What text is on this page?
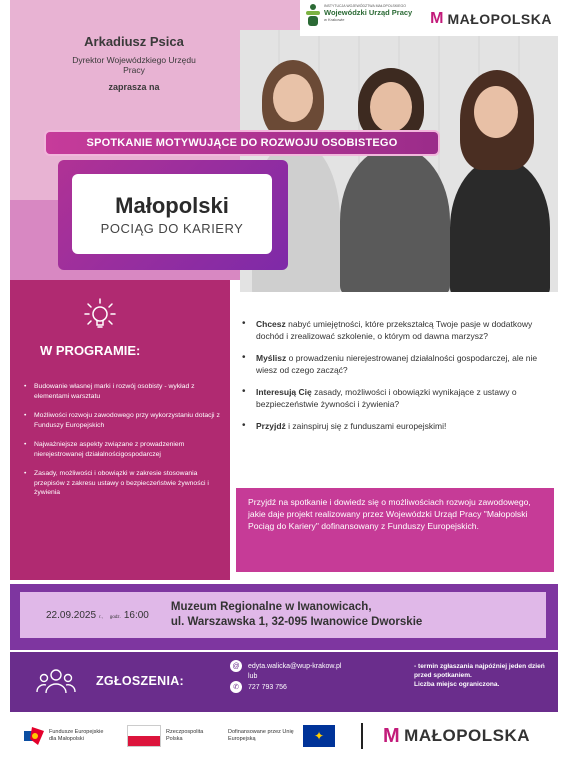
INSTYTUCJA WOJEWÓDZTWA MAŁOPOLSKIEGO
Wojewódzki Urząd Pracy
w Krakowie	M MAŁOPOLSKA
Arkadiusz Psica
Dyrektor Wojewódzkiego Urzędu Pracy
zaprasza na
SPOTKANIE MOTYWUJĄCE DO ROZWOJU OSOBISTEGO
Małopolski
POCIĄG DO KARIERY
W PROGRAMIE:
• Budowanie własnej marki i rozwój osobisty - wykład z elementami warsztatu
• Możliwości rozwoju zawodowego przy wykorzystaniu dotacji z Funduszy Europejskich
• Najważniejsze aspekty związane z prowadzeniem nierejestrowanej działalnościgospodarczej
• Zasady, możliwości i obowiązki w zakresie stosowania przepisów z zakresu ustawy o bezpieczeństwie żywności i żywienia
• Chcesz nabyć umiejętności, które przekształcą Twoje pasje w dodatkowy dochód i zrealizować szkolenie, o którym od dawna marzysz?
• Myślisz o prowadzeniu nierejestrowanej działalności gospodarczej, ale nie wiesz od czego zacząć?
• Interesują Cię zasady, możliwości i obowiązki wynikające z ustawy o bezpieczeństwie żywności i żywienia?
• Przyjdź i zainspiruj się z funduszami europejskimi!
Przyjdź na spotkanie i dowiedz się o możliwościach rozwoju zawodowego, jakie daje projekt realizowany przez Wojewódzki Urząd Pracy "Małopolski Pociąg do Kariery" dofinansowany z Funduszy Europejskich.
22.09.2025 r., godz. 16:00
Muzeum Regionalne w Iwanowicach,
ul. Warszawska 1, 32-095 Iwanowice Dworskie
ZGŁOSZENIA:
@	edyta.walicka@wup-krakow.pl
lub
✆	727 793 756
- termin zgłaszania najpóźniej jeden dzień przed spotkaniem.
Liczba miejsc ograniczona.
Fundusze Europejskie dla Małopolski
Rzeczpospolita Polska
Dofinansowane przez Unię Europejską	✦	M MAŁOPOLSKA
